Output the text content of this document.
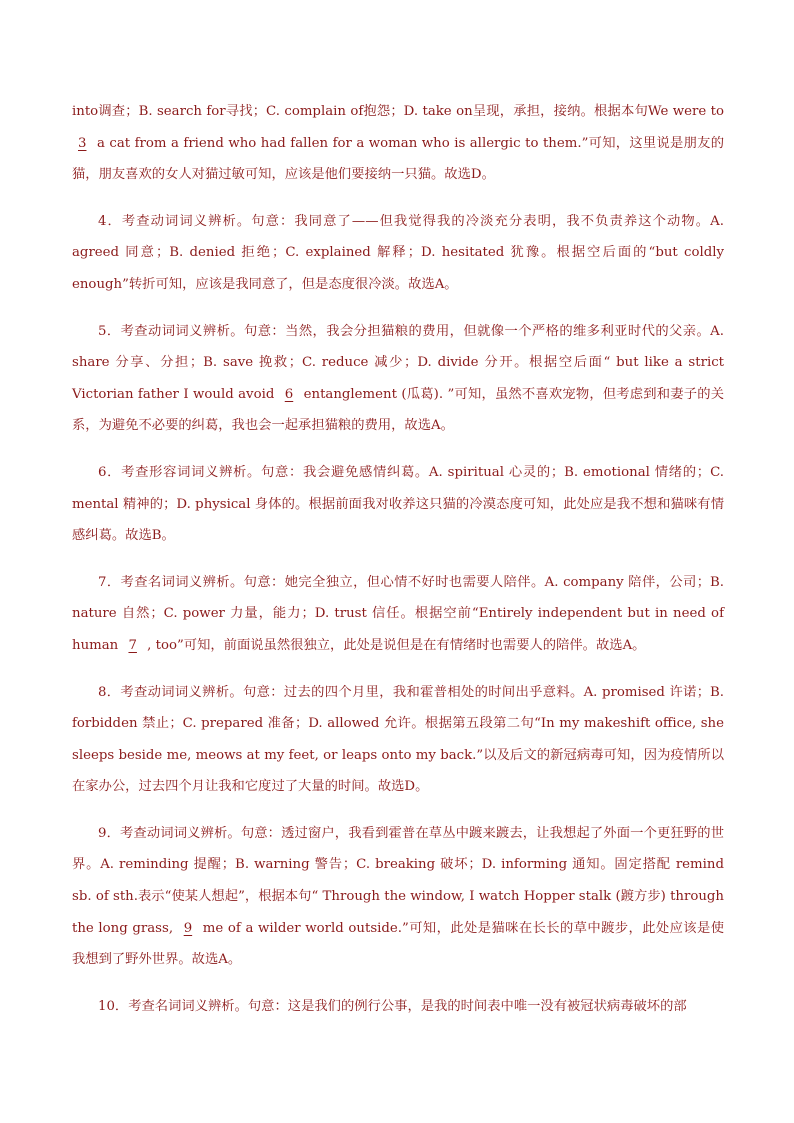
into调查；B. search for寻找；C. complain of抱怨；D. take on呈现，承担，接纳。根据本句We were to 3 a cat from a friend who had fallen for a woman who is allergic to them.”可知，这里说是朋友的猫，朋友喜欢的女人对猫过敏可知，应该是他们要接纳一只猫。故选D。

4．考查动词词义辨析。句意：我同意了——但我觉得我的冷淡充分表明，我不负责养这个动物。A. agreed 同意；B. denied 拒绝；C. explained 解释；D. hesitated 犹豫。根据空后面的“but coldly enough”转折可知，应该是我同意了，但是态度很冷淡。故选A。

5．考查动词词义辨析。句意：当然，我会分担猫粮的费用，但就像一个严格的维多利亚时代的父亲。A. share 分享、分担；B. save 挽救；C. reduce 减少；D. divide 分开。根据空后面“ but like a strict Victorian father I would avoid 6 entanglement (瓜葛). ”可知，虽然不喜欢宠物，但考虑到和妻子的关系，为避免不必要的纠葛，我也会一起承担猫粮的费用，故选A。

6．考查形容词词义辨析。句意：我会避免感情纠葛。A. spiritual 心灵的；B. emotional 情绪的；C. mental 精神的；D. physical 身体的。根据前面我对收养这只猫的冷漠态度可知，此处应是我不想和猫咪有情感纠葛。故选B。

7．考查名词词义辨析。句意：她完全独立，但心情不好时也需要人陪伴。A. company 陪伴，公司；B. nature 自然；C. power 力量，能力；D. trust 信任。根据空前“Entirely independent but in need of human 7 , too”可知，前面说虽然很独立，此处是说但是在有情绪时也需要人的陪伴。故选A。

8．考查动词词义辨析。句意：过去的四个月里，我和霍普相处的时间出乎意料。A. promised 许诺；B. forbidden 禁止；C. prepared 准备；D. allowed 允许。根据第五段第二句“In my makeshift office, she sleeps beside me, meows at my feet, or leaps onto my back.”以及后文的新冠病毒可知，因为疫情所以在家办公，过去四个月让我和它度过了大量的时间。故选D。

9．考查动词词义辨析。句意：透过窗户，我看到霍普在草丛中踱来踱去，让我想起了外面一个更狂野的世界。A. reminding 提醒；B. warning 警告；C. breaking 破坏；D. informing 通知。固定搭配 remind sb. of sth.表示“使某人想起”，根据本句“ Through the window, I watch Hopper stalk (踱方步) through the long grass, 9 me of a wilder world outside.”可知，此处是猫咪在长长的草中踱步，此处应该是使我想到了野外世界。故选A。

10．考查名词词义辨析。句意：这是我们的例行公事，是我的时间表中唯一没有被冠状病毒破坏的部
